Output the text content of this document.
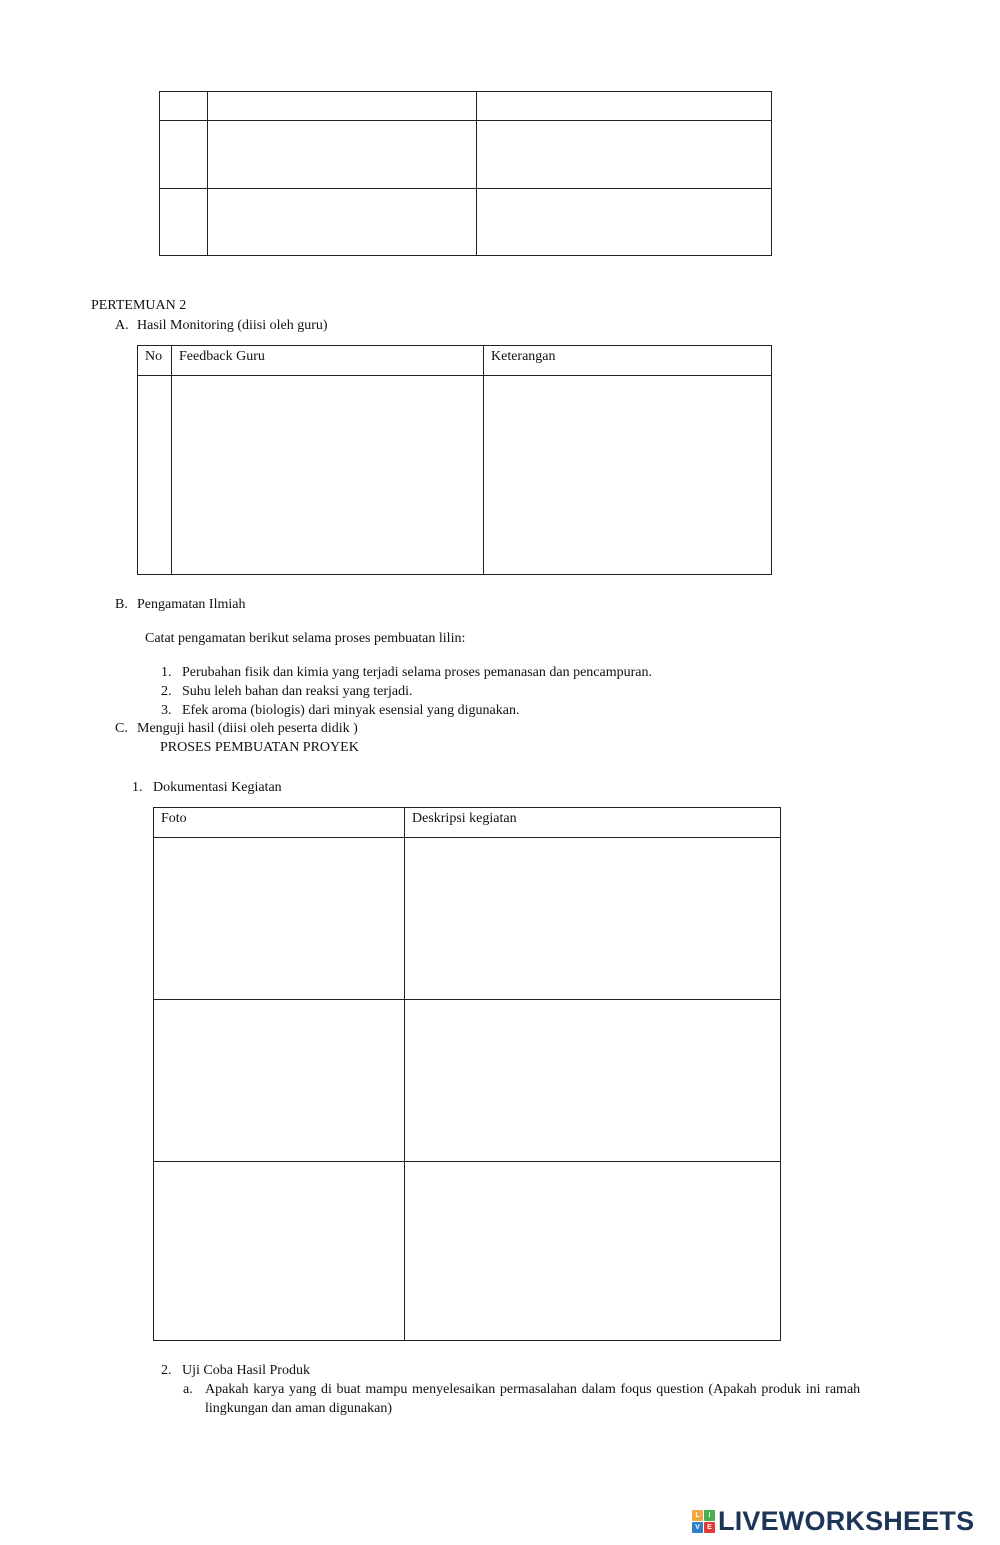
PERTEMUAN 2
A. Hasil Monitoring (diisi oleh guru)
No	Feedback Guru	Keterangan

B. Pengamatan Ilmiah
Catat pengamatan berikut selama proses pembuatan lilin:
1. Perubahan fisik dan kimia yang terjadi selama proses pemanasan dan pencampuran.
2. Suhu leleh bahan dan reaksi yang terjadi.
3. Efek aroma (biologis) dari minyak esensial yang digunakan.
C. Menguji hasil (diisi oleh peserta didik )
PROSES PEMBUATAN PROYEK
1. Dokumentasi Kegiatan
Foto	Deskripsi kegiatan

2. Uji Coba Hasil Produk
a. Apakah karya yang di buat mampu menyelesaikan permasalahan dalam foqus question (Apakah produk ini ramah
lingkungan dan aman digunakan)
L	I
V	E LIVEWORKSHEETS
